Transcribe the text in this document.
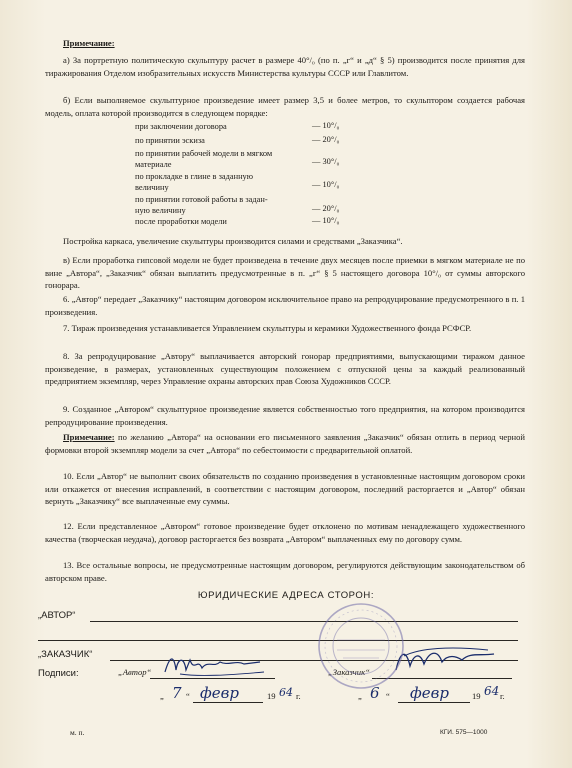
Примечание:
а) За портретную политическую скульптуру расчет в размере 40°/₀ (по п. „г“ и „д“ § 5) производится после принятия для тиражирования Отделом изобразительных искусств Министерства культуры СССР или Главлитом.
б) Если выполняемое скульптурное произведение имеет размер 3,5 и более метров, то скульптором создается рабочая модель, оплата которой производится в следующем порядке:
при заключении договора	— 10°/₀
по принятии эскиза	— 20°/₀
по принятии рабочей модели в мягком
материале	— 30°/₀
по прокладке в глине в заданную
величину	— 10°/₀
по принятии готовой работы в задан-
ную величину	— 20°/₀
после проработки модели	— 10°/₀
Постройка каркаса, увеличение скульптуры производится силами и средствами „Заказчика“.
в) Если проработка гипсовой модели не будет произведена в течение двух месяцев после приемки в мягком материале не по вине „Автора“, „Заказчик“ обязан выплатить предусмотренные в п. „г“ § 5 настоящего договора 10°/₀ от суммы авторского гонорара.
6. „Автор“ передает „Заказчику“ настоящим договором исключительное право на репродуцирование предусмотренного в п. 1 произведения.
7. Тираж произведения устанавливается Управлением скульптуры и керамики Художественного фонда РСФСР.
8. За репродуцирование „Автору“ выплачивается авторский гонорар предприятиями, выпускающими тиражом данное произведение, в размерах, установленных существующим положением с отпускной цены за каждый реализованный предприятием экземпляр, через Управление охраны авторских прав Союза Художников СССР.
9. Созданное „Автором“ скульптурное произведение является собственностью того предприятия, на котором производится репродуцирование произведения.
Примечание: по желанию „Автора“ на основании его письменного заявления „Заказчик“ обязан отлить в период черной формовки второй экземпляр модели за счет „Автора“ по себестоимости с предварительной оплатой.
10. Если „Автор“ не выполнит своих обязательств по созданию произведения в установленные настоящим договором сроки или откажется от внесения исправлений, в соответствии с настоящим договором, последний расторгается и „Автор“ обязан вернуть „Заказчику“ все выплаченные ему суммы.
12. Если представленное „Автором“ готовое произведение будет отклонено по мотивам ненадлежащего художественного качества (творческая неудача), договор расторгается без возврата „Автором“ выплаченных ему по договору сумм.
13. Все остальные вопросы, не предусмотренные настоящим договором, регулируются действующим законодательством об авторском праве.
ЮРИДИЧЕСКИЕ АДРЕСА СТОРОН:
„АВТОР“
„ЗАКАЗЧИК“
Подписи:	„Автор“	„Заказчик“
„ 7 “ февр	19 64 г.	„ 6 “ февр	19 64 г.
м. п.	КГИ. 575—1000
